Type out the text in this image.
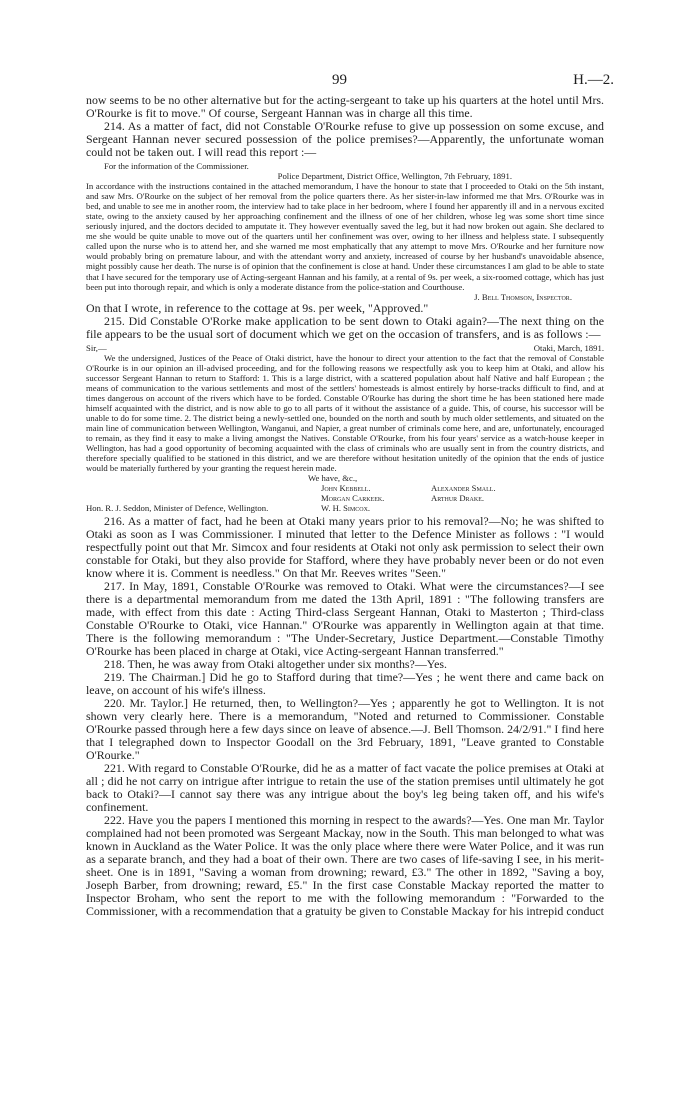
99	H.—2.

now seems to be no other alternative but for the acting-sergeant to take up his quarters at the hotel until Mrs. O'Rourke is fit to move." Of course, Sergeant Hannan was in charge all this time.

214. As a matter of fact, did not Constable O'Rourke refuse to give up possession on some excuse, and Sergeant Hannan never secured possession of the police premises?—Apparently, the unfortunate woman could not be taken out. I will read this report :—

For the information of the Commissioner.

Police Department, District Office, Wellington, 7th February, 1891.

In accordance with the instructions contained in the attached memorandum, I have the honour to state that I proceeded to Otaki on the 5th instant, and saw Mrs. O'Rourke on the subject of her removal from the police quarters there. As her sister-in-law informed me that Mrs. O'Rourke was in bed, and unable to see me in another room, the interview had to take place in her bedroom, where I found her apparently ill and in a nervous excited state, owing to the anxiety caused by her approaching confinement and the illness of one of her children, whose leg was some short time since seriously injured, and the doctors decided to amputate it. They however eventually saved the leg, but it had now broken out again. She declared to me she would be quite unable to move out of the quarters until her confinement was over, owing to her illness and helpless state. I subsequently called upon the nurse who is to attend her, and she warned me most emphatically that any attempt to move Mrs. O'Rourke and her furniture now would probably bring on premature labour, and with the attendant worry and anxiety, increased of course by her husband's unavoidable absence, might possibly cause her death. The nurse is of opinion that the confinement is close at hand. Under these circumstances I am glad to be able to state that I have secured for the temporary use of Acting-sergeant Hannan and his family, at a rental of 9s. per week, a six-roomed cottage, which has just been put into thorough repair, and which is only a moderate distance from the police-station and Courthouse.

J. Bell Thomson, Inspector.

On that I wrote, in reference to the cottage at 9s. per week, "Approved."

215. Did Constable O'Rorke make application to be sent down to Otaki again?—The next thing on the file appears to be the usual sort of document which we get on the occasion of transfers, and is as follows :—

Sir,—	Otaki, March, 1891.

We the undersigned, Justices of the Peace of Otaki district, have the honour to direct your attention to the fact that the removal of Constable O'Rourke is in our opinion an ill-advised proceeding, and for the following reasons we respectfully ask you to keep him at Otaki, and allow his successor Sergeant Hannan to return to Stafford: 1. This is a large district, with a scattered population about half Native and half European ; the means of communication to the various settlements and most of the settlers' homesteads is almost entirely by horse-tracks difficult to find, and at times dangerous on account of the rivers which have to be forded. Constable O'Rourke has during the short time he has been stationed here made himself acquainted with the district, and is now able to go to all parts of it without the assistance of a guide. This, of course, his successor will be unable to do for some time. 2. The district being a newly-settled one, bounded on the north and south by much older settlements, and situated on the main line of communication between Wellington, Wanganui, and Napier, a great number of criminals come here, and are, unfortunately, encouraged to remain, as they find it easy to make a living amongst the Natives. Constable O'Rourke, from his four years' service as a watch-house keeper in Wellington, has had a good opportunity of becoming acquainted with the class of criminals who are usually sent in from the country districts, and therefore specially qualified to be stationed in this district, and we are therefore without hesitation unitedly of the opinion that the ends of justice would be materially furthered by your granting the request herein made.

We have, &c.,

John Kebbell.	Alexander Small.
Morgan Carkeek.	Arthur Drake.
W. H. Simcox.

Hon. R. J. Seddon, Minister of Defence, Wellington.

216. As a matter of fact, had he been at Otaki many years prior to his removal?—No; he was shifted to Otaki as soon as I was Commissioner. I minuted that letter to the Defence Minister as follows : "I would respectfully point out that Mr. Simcox and four residents at Otaki not only ask permission to select their own constable for Otaki, but they also provide for Stafford, where they have probably never been or do not even know where it is. Comment is needless." On that Mr. Reeves writes "Seen."

217. In May, 1891, Constable O'Rourke was removed to Otaki. What were the circumstances?—I see there is a departmental memorandum from me dated the 13th April, 1891 : "The following transfers are made, with effect from this date : Acting Third-class Sergeant Hannan, Otaki to Masterton ; Third-class Constable O'Rourke to Otaki, vice Hannan." O'Rourke was apparently in Wellington again at that time. There is the following memorandum : "The Under-Secretary, Justice Department.—Constable Timothy O'Rourke has been placed in charge at Otaki, vice Acting-sergeant Hannan transferred."

218. Then, he was away from Otaki altogether under six months?—Yes.

219. The Chairman.] Did he go to Stafford during that time?—Yes ; he went there and came back on leave, on account of his wife's illness.

220. Mr. Taylor.] He returned, then, to Wellington?—Yes ; apparently he got to Wellington. It is not shown very clearly here. There is a memorandum, "Noted and returned to Commissioner. Constable O'Rourke passed through here a few days since on leave of absence.—J. Bell Thomson. 24/2/91." I find here that I telegraphed down to Inspector Goodall on the 3rd February, 1891, "Leave granted to Constable O'Rourke."

221. With regard to Constable O'Rourke, did he as a matter of fact vacate the police premises at Otaki at all ; did he not carry on intrigue after intrigue to retain the use of the station premises until ultimately he got back to Otaki?—I cannot say there was any intrigue about the boy's leg being taken off, and his wife's confinement.

222. Have you the papers I mentioned this morning in respect to the awards?—Yes. One man Mr. Taylor complained had not been promoted was Sergeant Mackay, now in the South. This man belonged to what was known in Auckland as the Water Police. It was the only place where there were Water Police, and it was run as a separate branch, and they had a boat of their own. There are two cases of life-saving I see, in his merit-sheet. One is in 1891, "Saving a woman from drowning; reward, £3." The other in 1892, "Saving a boy, Joseph Barber, from drowning; reward, £5." In the first case Constable Mackay reported the matter to Inspector Broham, who sent the report to me with the following memorandum : "Forwarded to the Commissioner, with a recommendation that a gratuity be given to Constable Mackay for his intrepid conduct
